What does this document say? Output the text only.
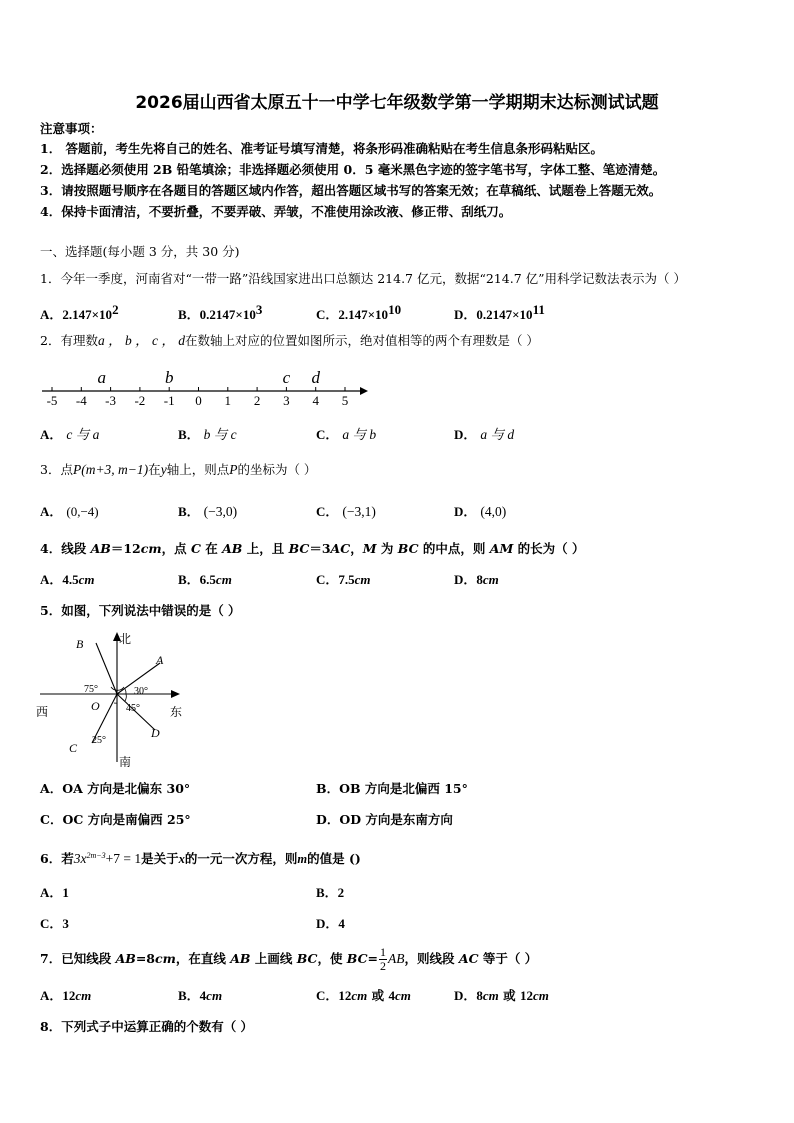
2026届山西省太原五十一中学七年级数学第一学期期末达标测试试题
注意事项：
1． 答题前，考生先将自己的姓名、准考证号填写清楚，将条形码准确粘贴在考生信息条形码粘贴区。
2．选择题必须使用 2B 铅笔填涂；非选择题必须使用 0．5 毫米黑色字迹的签字笔书写，字体工整、笔迹清楚。
3．请按照题号顺序在各题目的答题区域内作答，超出答题区域书写的答案无效；在草稿纸、试题卷上答题无效。
4．保持卡面清洁，不要折叠，不要弄破、弄皱，不准使用涂改液、修正带、刮纸刀。
一、选择题(每小题 3 分，共 30 分)
1．今年一季度，河南省对“一带一路”沿线国家进出口总额达 214.7 亿元，数据“214.7 亿”用科学记数法表示为（ ）
A．$2.147\times 10^2$	B．$0.2147\times 10^3$	C．$2.147\times 10^{10}$	D．$0.2147\times 10^{11}$
2．有理数a ， b ， c ， d在数轴上对应的位置如图所示，绝对值相等的两个有理数是（ ）
-5 -4 -3 -2 -1 0 1 2 3 4 5
a	b	c d
A． c 与 a	B． b 与 c	C． a 与 b	D． a 与 d
3．点P(m+3, m−1)在y轴上，则点P的坐标为（ ）
A． (0,−4)	B． (−3,0)	C． (−3,1)	D． (4,0)
4．线段 AB＝12cm，点 C 在 AB 上，且 BC＝3AC，M 为 BC 的中点，则 AM 的长为（ ）
A．4.5cm	B．6.5cm	C．7.5cm	D．8cm
5．如图，下列说法中错误的是（ ）
北
南
西	东
B
A
D
C
O
75°	30°
45°
25°
A．OA 方向是北偏东 30°	B．OB 方向是北偏西 15°
C．OC 方向是南偏西 25°	D．OD 方向是东南方向
6．若$3x^{2m-3}+7 = 1$是关于x的一元一次方程，则m的值是 ()
A．1	B．2
C．3	D．4
7．已知线段 AB=8cm，在直线 AB 上画线 BC，使 $BC= \frac{1}{2}$ AB，则线段 AC 等于（ ）
A．12cm	B．4cm	C．12cm 或 4cm	D．8cm 或 12cm
8．下列式子中运算正确的个数有（ ）
